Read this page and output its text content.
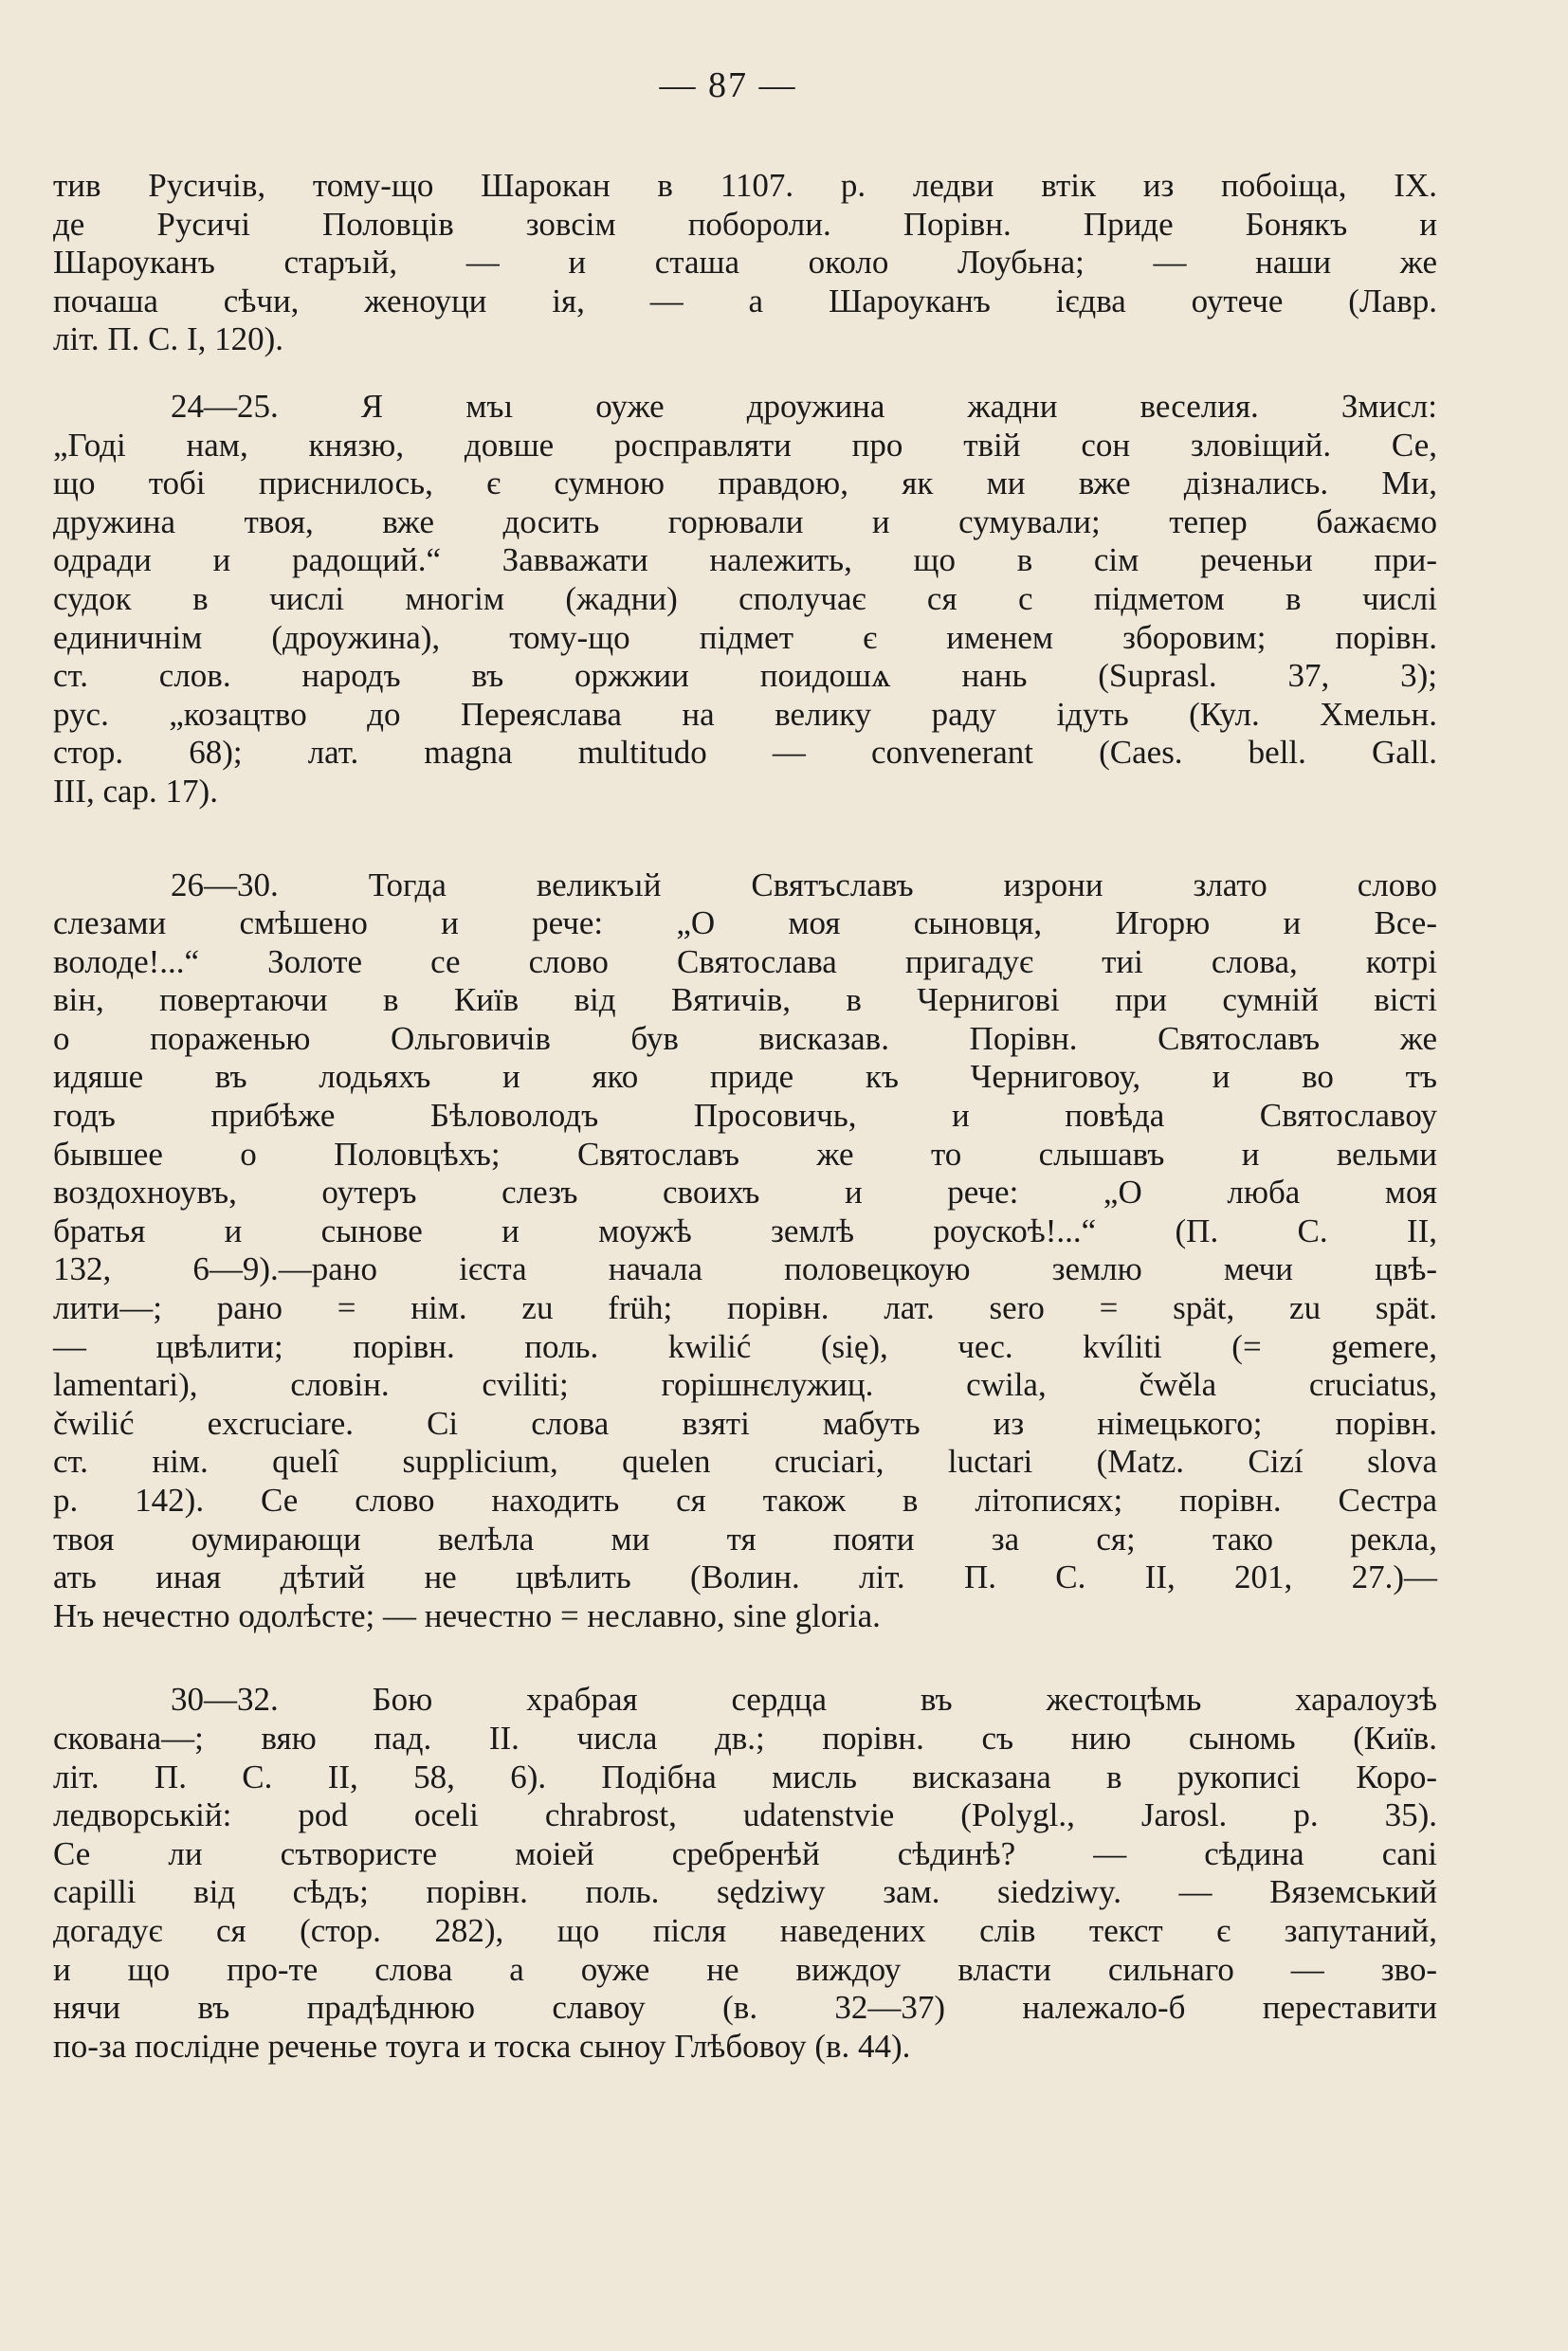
— 87 —
тив Русичів, тому-що Шарокан в 1107. р. ледви втік из побоіща, IX.
де Русичі Половців зовсім побороли. Порівн. Приде Бонякъ и
Шароуканъ старъıй, — и сташа около Лоубьна; — наши же
почаша сѣчи, женоуци ія, — а Шароуканъ ієдва оутече (Лавр.
літ. П. С. I, 120).
24—25. Я мъı оуже дроужина жадни веселия. Змисл:
„Годі нам, князю, довше росправляти про твій сон зловіщий. Се,
що тобі приснилось, є сумною правдою, як ми вже дізнались. Ми,
дружина твоя, вже досить горювали и сумували; тепер бажаємо
одради и радощий.“ Завважати належить, що в сім реченьи при-
судок в числі многім (жадни) сполучає ся с підметом в числі
единичнім (дроужина), тому-що підмет є именем зборовим; порівн.
ст. слов. народъ въ оржжии поидошѧ нань (Suprasl. 37, 3);
рус. „козацтво до Переяслава на велику раду ідуть (Кул. Хмельн.
стор. 68); лат. magna multitudo — convenerant (Caes. bell. Gall.
III, cap. 17).
26—30. Тогда великъıй Святъславъ изрони злато слово
слезами смѣшено и рече: „О моя сыновця, Игорю и Все-
володе!...“ Золоте се слово Святослава пригадує тиі слова, котрі
він, повертаючи в Київ від Вятичів, в Чернигові при сумній вісті
о пораженью Ольговичів був висказав. Порівн. Святославъ же
идяше въ лодьяхъ и яко приде къ Черниговоу, и во тъ
годъ прибѣже Бѣловолодъ Просовичь, и повѣда Святославоу
бывшее о Половцѣхъ; Святославъ же то слышавъ и вельми
воздохноувъ, оутеръ слезъ своихъ и рече: „О люба моя
братья и сынове и моужѣ землѣ роускоѣ!...“ (П. С. II,
132, 6—9).—рано ієста начала половецкоую землю мечи цвѣ-
лити—; рано = нім. zu früh; порівн. лат. sero = spät, zu spät.
— цвѣлити; порівн. поль. kwilić (się), чес. kvíliti (= gemere,
lamentari), словін. cviliti; горішнєлужиц. cwila, čwěla cruciatus,
čwilić excruciare. Сі слова взяті мабуть из німецького; порівн.
ст. нім. quelî supplicium, quelen cruciari, luctari (Matz. Cizí slova
p. 142). Се слово находить ся також в літописях; порівн. Сестра
твоя оумирающи велѣла ми тя пояти за ся; тако рекла,
ать иная дѣтий не цвѣлить (Волин. літ. П. С. II, 201, 27.)—
Нъ нечестно одолѣсте; — нечестно = неславно, sine gloria.
30—32. Бою храбрая сердца въ жестоцѣмь харалоузѣ
скована—; вяю пад. II. числа дв.; порівн. съ нию сыномь (Київ.
літ. П. С. II, 58, 6). Подібна мисль висказана в рукописі Коро-
ледворській: pod oceli chrabrost, udatenstvie (Polygl., Jarosl. p. 35).
Се ли сътвористе моіей сребренѣй сѣдинѣ? — сѣдина canі
capilli від сѣдъ; порівн. поль. sędziwy зам. siedziwy. — Вяземський
догадує ся (стор. 282), що після наведених слів текст є запутаний,
и що про-те слова а оуже не виждоу власти сильнаго — зво-
нячи въ прадѣднюю славоу (в. 32—37) належало-б переставити
по-за послідне реченье тоуга и тоска сыноу Глѣбовоу (в. 44).
